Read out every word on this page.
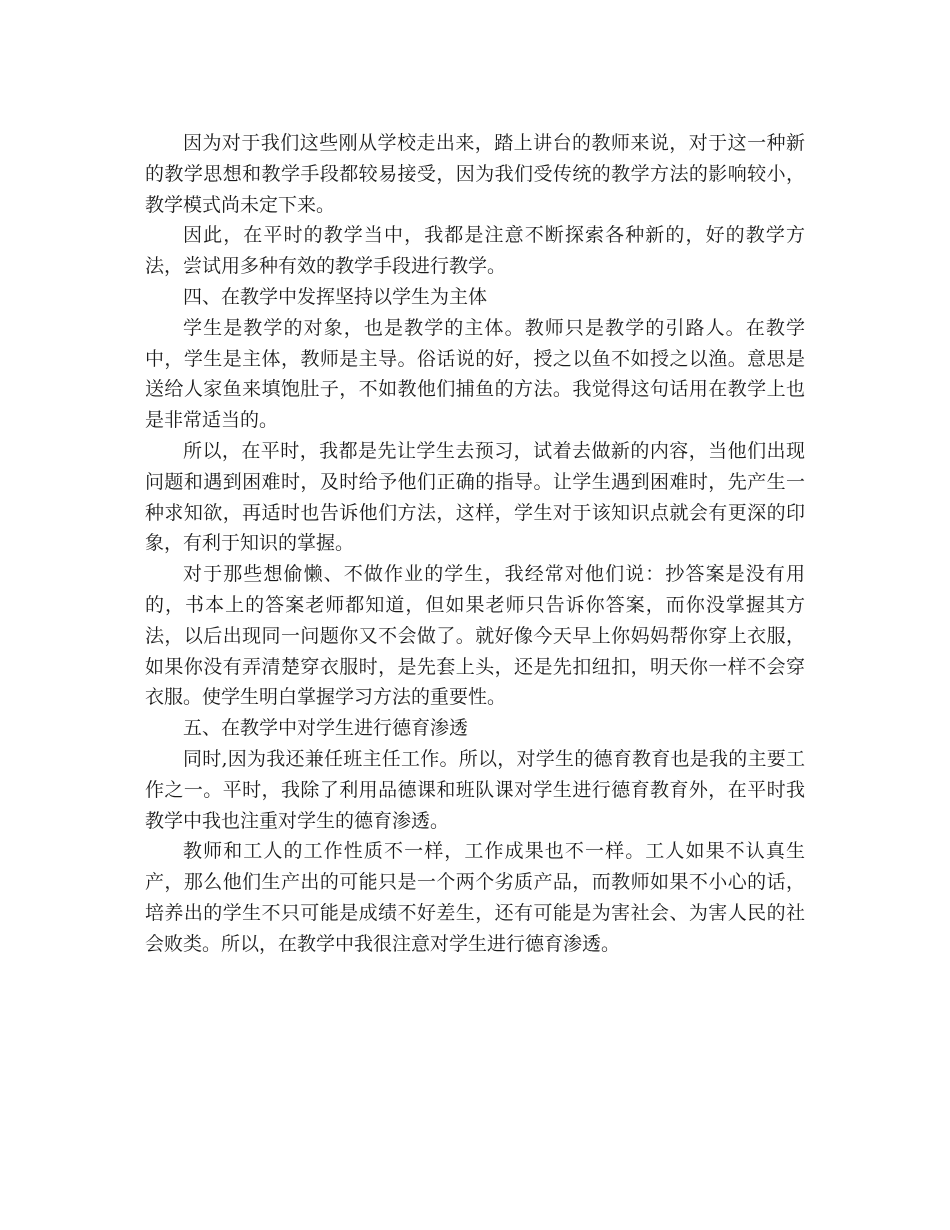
因为对于我们这些刚从学校走出来，踏上讲台的教师来说，对于这一种新的教学思想和教学手段都较易接受，因为我们受传统的教学方法的影响较小，教学模式尚未定下来。

因此，在平时的教学当中，我都是注意不断探索各种新的，好的教学方法，尝试用多种有效的教学手段进行教学。

四、在教学中发挥坚持以学生为主体

学生是教学的对象，也是教学的主体。教师只是教学的引路人。在教学中，学生是主体，教师是主导。俗话说的好，授之以鱼不如授之以渔。意思是送给人家鱼来填饱肚子，不如教他们捕鱼的方法。我觉得这句话用在教学上也是非常适当的。

所以，在平时，我都是先让学生去预习，试着去做新的内容，当他们出现问题和遇到困难时，及时给予他们正确的指导。让学生遇到困难时，先产生一种求知欲，再适时也告诉他们方法，这样，学生对于该知识点就会有更深的印象，有利于知识的掌握。

对于那些想偷懒、不做作业的学生，我经常对他们说：抄答案是没有用的，书本上的答案老师都知道，但如果老师只告诉你答案，而你没掌握其方法，以后出现同一问题你又不会做了。就好像今天早上你妈妈帮你穿上衣服，如果你没有弄清楚穿衣服时，是先套上头，还是先扣纽扣，明天你一样不会穿衣服。使学生明白掌握学习方法的重要性。

五、在教学中对学生进行德育渗透

同时,因为我还兼任班主任工作。所以，对学生的德育教育也是我的主要工作之一。平时，我除了利用品德课和班队课对学生进行德育教育外，在平时我教学中我也注重对学生的德育渗透。

教师和工人的工作性质不一样，工作成果也不一样。工人如果不认真生产，那么他们生产出的可能只是一个两个劣质产品，而教师如果不小心的话，培养出的学生不只可能是成绩不好差生，还有可能是为害社会、为害人民的社会败类。所以，在教学中我很注意对学生进行德育渗透。
